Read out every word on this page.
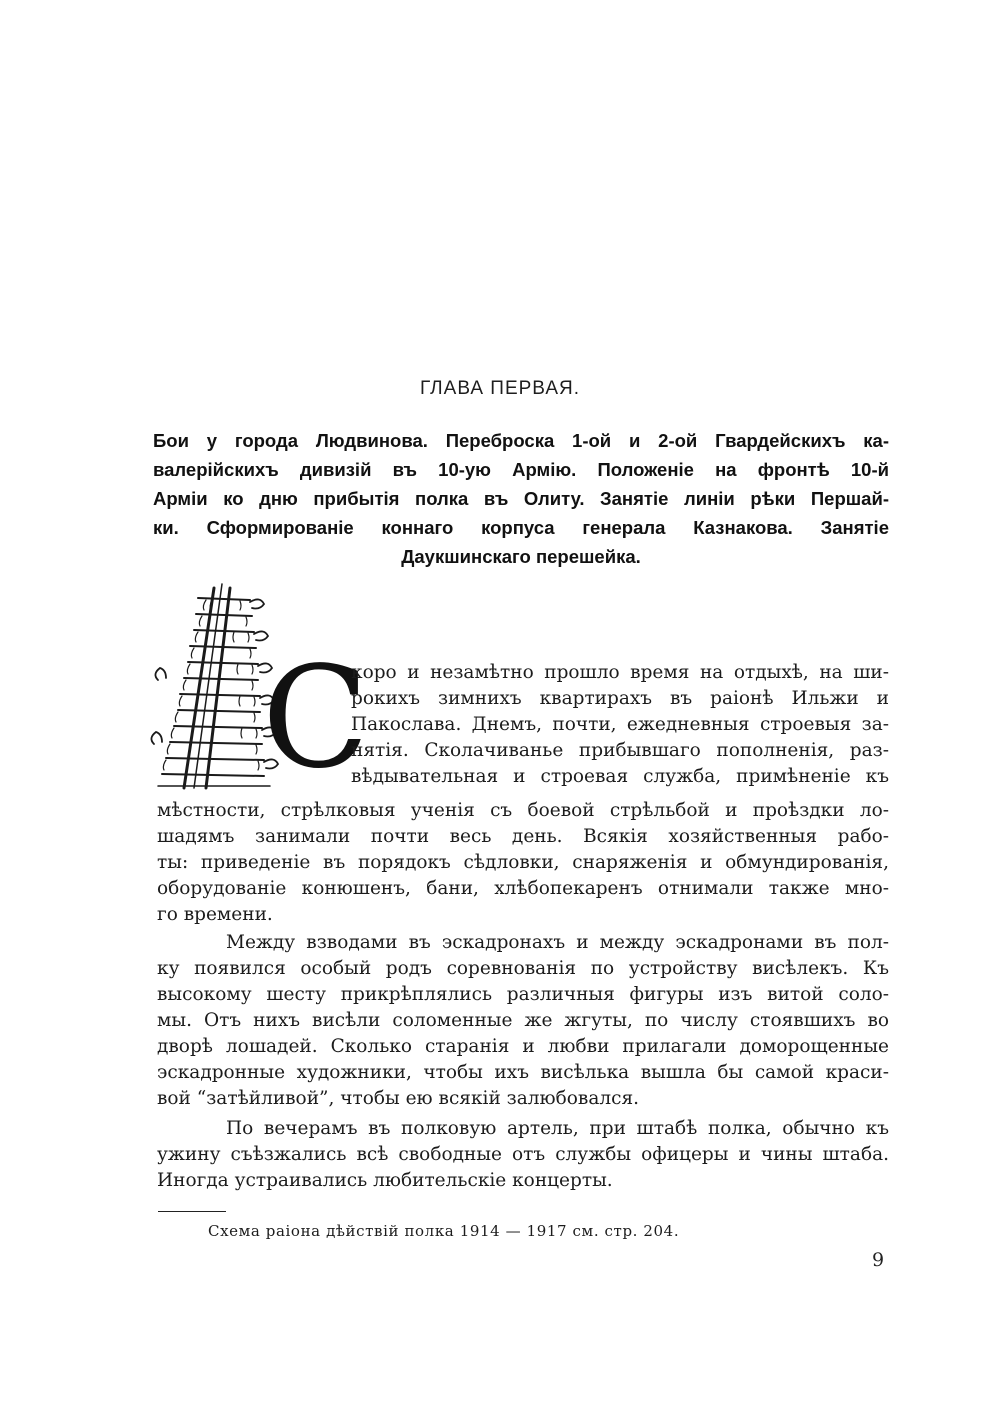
ГЛАВА ПЕРВАЯ.
Бои у города Людвинова. Переброска 1-ой и 2-ой Гвардейскихъ ка-
валерійскихъ дивизій въ 10-ую Армію. Положеніе на фронтѣ 10-й
Арміи ко дню прибытія полка въ Олиту. Занятіе линіи рѣки Першай-
ки. Сформированіе коннаго корпуса генерала Казнакова. Занятіе
Даукшинскаго перешейка.
С
коро и незамѣтно прошло время на отдыхѣ, на ши-
рокихъ зимнихъ квартирахъ въ раіонѣ Ильжи и
Пакослава. Днемъ, почти, ежедневныя строевыя за-
нятія. Сколачиванье прибывшаго пополненія, раз-
вѣдывательная и строевая служба, примѣненіе къ
мѣстности, стрѣлковыя ученія съ боевой стрѣльбой и проѣздки ло-
шадямъ занимали почти весь день. Всякія хозяйственныя рабо-
ты: приведеніе въ порядокъ сѣдловки, снаряженія и обмундированія,
оборудованіе конюшенъ, бани, хлѣбопекаренъ отнимали также мно-
го времени.
Между взводами въ эскадронахъ и между эскадронами въ пол-
ку появился особый родъ соревнованія по устройству висѣлекъ. Къ
высокому шесту прикрѣплялись различныя фигуры изъ витой соло-
мы. Отъ нихъ висѣли соломенные же жгуты, по числу стоявшихъ во
дворѣ лошадей. Сколько старанія и любви прилагали доморощенные
эскадронные художники, чтобы ихъ висѣлька вышла бы самой краси-
вой “затѣйливой”, чтобы ею всякій залюбовался.
По вечерамъ въ полковую артель, при штабѣ полка, обычно къ
ужину съѣзжались всѣ свободные отъ службы офицеры и чины штаба.
Иногда устраивались любительскіе концерты.
Схема раіона дѣйствій полка 1914 — 1917 см. стр. 204.
9
